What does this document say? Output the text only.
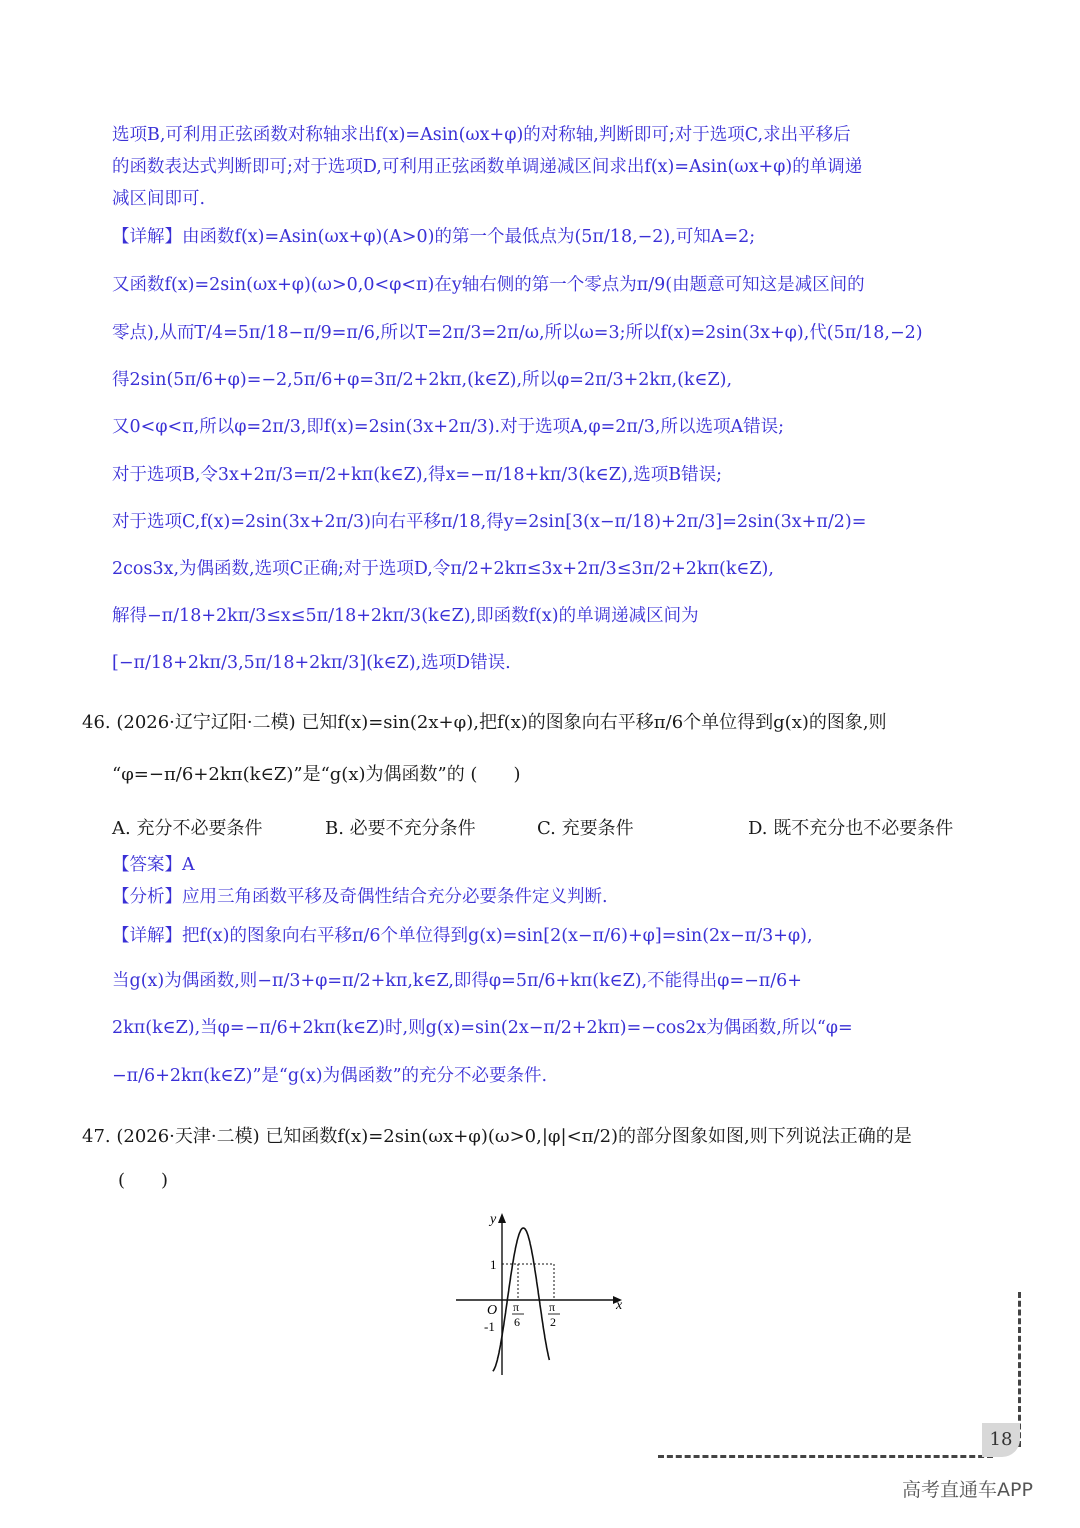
选项B,可利用正弦函数对称轴求出f(x)=Asin(ωx+φ)的对称轴,判断即可;对于选项C,求出平移后
的函数表达式判断即可;对于选项D,可利用正弦函数单调递减区间求出f(x)=Asin(ωx+φ)的单调递
减区间即可.
【详解】由函数f(x)=Asin(ωx+φ)(A>0)的第一个最低点为(5π/18,−2),可知A=2;
又函数f(x)=2sin(ωx+φ)(ω>0,0<φ<π)在y轴右侧的第一个零点为π/9(由题意可知这是减区间的
零点),从而T/4=5π/18−π/9=π/6,所以T=2π/3=2π/ω,所以ω=3;所以f(x)=2sin(3x+φ),代(5π/18,−2)
得2sin(5π/6+φ)=−2,5π/6+φ=3π/2+2kπ,(k∈Z),所以φ=2π/3+2kπ,(k∈Z),
又0<φ<π,所以φ=2π/3,即f(x)=2sin(3x+2π/3).对于选项A,φ=2π/3,所以选项A错误;
对于选项B,令3x+2π/3=π/2+kπ(k∈Z),得x=−π/18+kπ/3(k∈Z),选项B错误;
对于选项C,f(x)=2sin(3x+2π/3)向右平移π/18,得y=2sin[3(x−π/18)+2π/3]=2sin(3x+π/2)=
2cos3x,为偶函数,选项C正确;对于选项D,令π/2+2kπ≤3x+2π/3≤3π/2+2kπ(k∈Z),
解得−π/18+2kπ/3≤x≤5π/18+2kπ/3(k∈Z),即函数f(x)的单调递减区间为
[−π/18+2kπ/3,5π/18+2kπ/3](k∈Z),选项D错误.
46. (2026·辽宁辽阳·二模) 已知f(x)=sin(2x+φ),把f(x)的图象向右平移π/6个单位得到g(x)的图象,则
“φ=−π/6+2kπ(k∈Z)”是“g(x)为偶函数”的 (　　)
A. 充分不必要条件	B. 必要不充分条件	C. 充要条件	D. 既不充分也不必要条件
【答案】A
【分析】应用三角函数平移及奇偶性结合充分必要条件定义判断.
【详解】把f(x)的图象向右平移π/6个单位得到g(x)=sin[2(x−π/6)+φ]=sin(2x−π/3+φ),
当g(x)为偶函数,则−π/3+φ=π/2+kπ,k∈Z,即得φ=5π/6+kπ(k∈Z),不能得出φ=−π/6+
2kπ(k∈Z),当φ=−π/6+2kπ(k∈Z)时,则g(x)=sin(2x−π/2+2kπ)=−cos2x为偶函数,所以“φ=
−π/6+2kπ(k∈Z)”是“g(x)为偶函数”的充分不必要条件.
47. (2026·天津·二模) 已知函数f(x)=2sin(ωx+φ)(ω>0,|φ|<π/2)的部分图象如图,则下列说法正确的是
(　　)
y
x
O
1
-1
π
6
π
2
18
高考直通车APP
